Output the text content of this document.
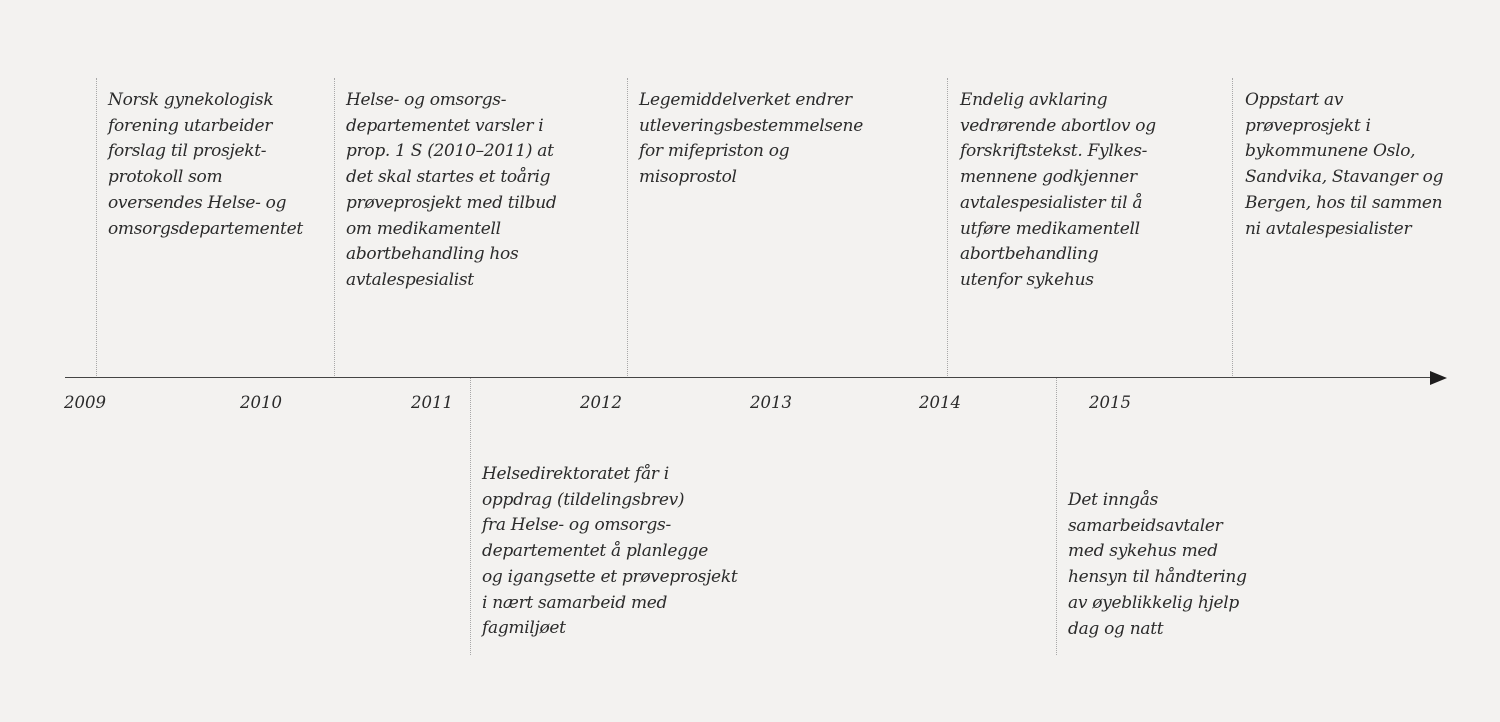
2009	2010	2011	2012	2013	2014	2015
Norsk gynekologisk
forening utarbeider
forslag til prosjekt-
protokoll som
oversendes Helse- og
omsorgsdepartementet
Helse- og omsorgs-
departementet varsler i
prop. 1 S (2010–2011) at
det skal startes et toårig
prøveprosjekt med tilbud
om medikamentell
abortbehandling hos
avtalespesialist
Legemiddelverket endrer
utleveringsbestemmelsene
for mifepriston og
misoprostol
Endelig avklaring
vedrørende abortlov og
forskriftstekst. Fylkes-
mennene godkjenner
avtalespesialister til å
utføre medikamentell
abortbehandling
utenfor sykehus
Oppstart av
prøveprosjekt i
bykommunene Oslo,
Sandvika, Stavanger og
Bergen, hos til sammen
ni avtalespesialister
Helsedirektoratet får i
oppdrag (tildelingsbrev)
fra Helse- og omsorgs-
departementet å planlegge
og igangsette et prøveprosjekt
i nært samarbeid med
fagmiljøet
Det inngås
samarbeidsavtaler
med sykehus med
hensyn til håndtering
av øyeblikkelig hjelp
dag og natt
